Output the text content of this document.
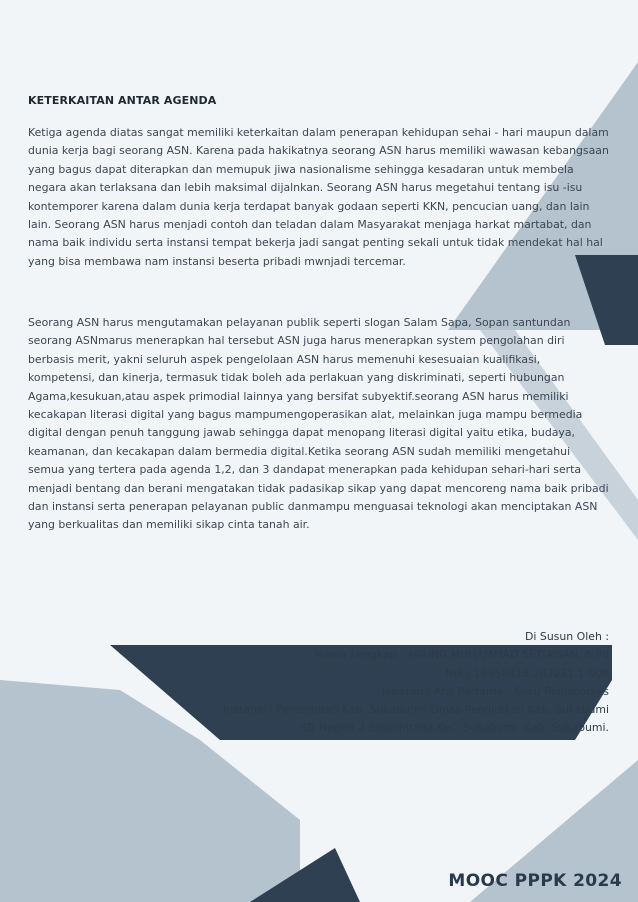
KETERKAITAN ANTAR AGENDA

Ketiga agenda diatas sangat memiliki keterkaitan dalam penerapan kehidupan sehai - hari maupun dalam dunia kerja bagi seorang ASN. Karena pada hakikatnya seorang ASN harus memiliki wawasan kebangsaan yang bagus dapat diterapkan dan memupuk jiwa nasionalisme sehingga kesadaran untuk membela negara akan terlaksana dan lebih maksimal dijalnkan. Seorang ASN harus megetahui tentang isu -isu kontemporer karena dalam dunia kerja terdapat banyak godaan seperti KKN, pencucian uang, dan lain lain. Seorang ASN harus menjadi contoh dan teladan dalam Masyarakat menjaga harkat martabat, dan nama baik individu serta instansi tempat bekerja jadi sangat penting sekali untuk tidak mendekat hal hal yang bisa membawa nam instansi beserta pribadi mwnjadi tercemar.

Seorang ASN harus mengutamakan pelayanan publik seperti slogan Salam Sapa, Sopan santundan seorang ASNmarus menerapkan hal tersebut ASN juga harus menerapkan system pengolahan diri berbasis merit, yakni seluruh aspek pengelolaan ASN harus memenuhi kesesuaian kualifikasi, kompetensi, dan kinerja, termasuk tidak boleh ada perlakuan yang diskriminati, seperti hubungan Agama,kesukuan,atau aspek primodial lainnya yang bersifat subyektif.seorang ASN harus memiliki kecakapan literasi digital yang bagus mampumengoperasikan alat, melainkan juga mampu bermedia digital dengan penuh tanggung jawab sehingga dapat menopang literasi digital yaitu etika, budaya, keamanan, dan kecakapan dalam bermedia digital.Ketika seorang ASN sudah memiliki mengetahui semua yang tertera pada agenda 1,2, dan 3 dandapat menerapkan pada kehidupan sehari-hari serta menjadi bentang dan berani mengatakan tidak padasikap sikap yang dapat mencoreng nama baik pribadi dan instansi serta penerapan pelayanan public danmampu menguasai teknologi akan menciptakan ASN yang berkualitas dan memiliki sikap cinta tanah air.

Di Susun Oleh :
Nama Lengkap : AGUNG MUHAMMAD SETIAWAN, S.Pd
NIP : 19850916 202221 1 008
Jabatan : Ahli Pertama - Guru Penjasorkes
Instansi : Pemerintah Kab. Sukabumi, Dinas Pendidikan Kab. Sukabumi
SD Negeri 2 Selabintana Kec. Sukabumi. Kab. Sukabumi.
MOOC PPPK 2024
